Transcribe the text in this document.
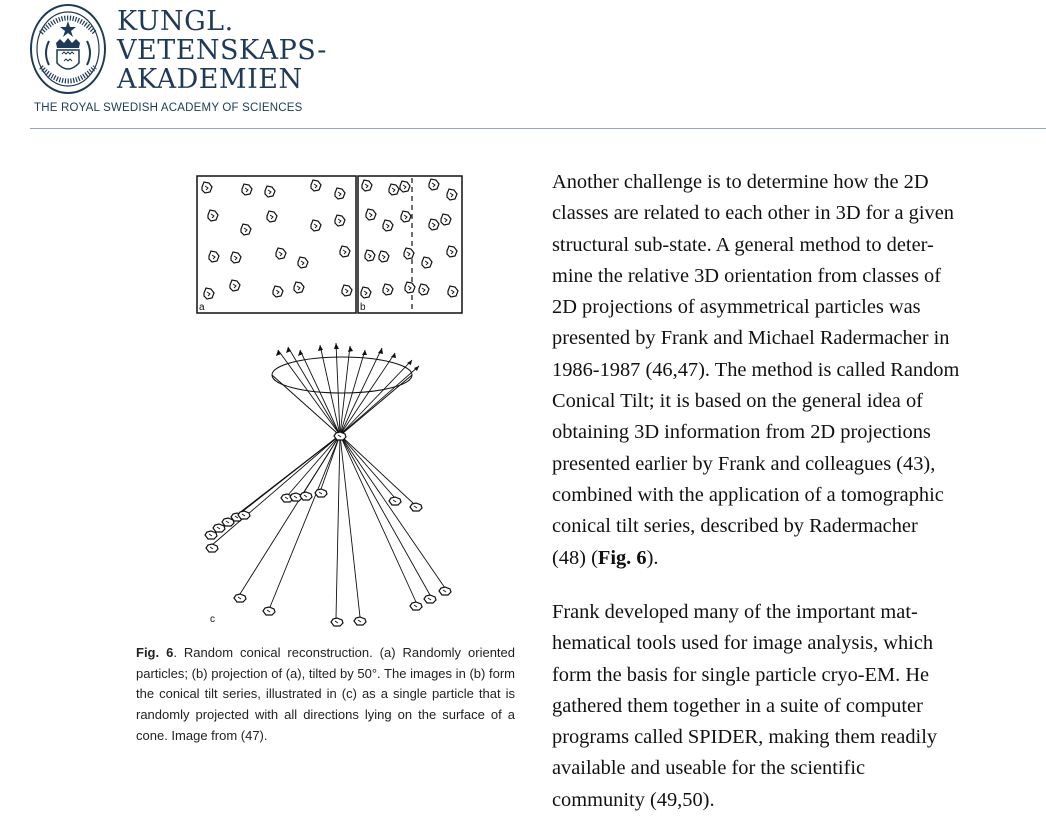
KUNGL.
VETENSKAPS-
AKADEMIEN
THE ROYAL SWEDISH ACADEMY OF SCIENCES
a	b
c
Fig. 6. Random conical reconstruction. (a) Randomly oriented particles; (b) projection of (a), tilted by 50°. The images in (b) form the conical tilt series, illustrated in (c) as a single particle that is randomly projected with all directions lying on the surface of a cone. Image from (47).

Another challenge is to determine how the 2D
classes are related to each other in 3D for a given
structural sub-state. A general method to deter-
mine the relative 3D orientation from classes of
2D projections of asymmetrical particles was
presented by Frank and Michael Radermacher in
1986-1987 (46,47). The method is called Random
Conical Tilt; it is based on the general idea of
obtaining 3D information from 2D projections
presented earlier by Frank and colleagues (43),
combined with the application of a tomographic
conical tilt series, described by Radermacher
(48) (Fig. 6).

Frank developed many of the important mat-
hematical tools used for image analysis, which
form the basis for single particle cryo-EM. He
gathered them together in a suite of computer
programs called SPIDER, making them readily
available and useable for the scientific
community (49,50).
